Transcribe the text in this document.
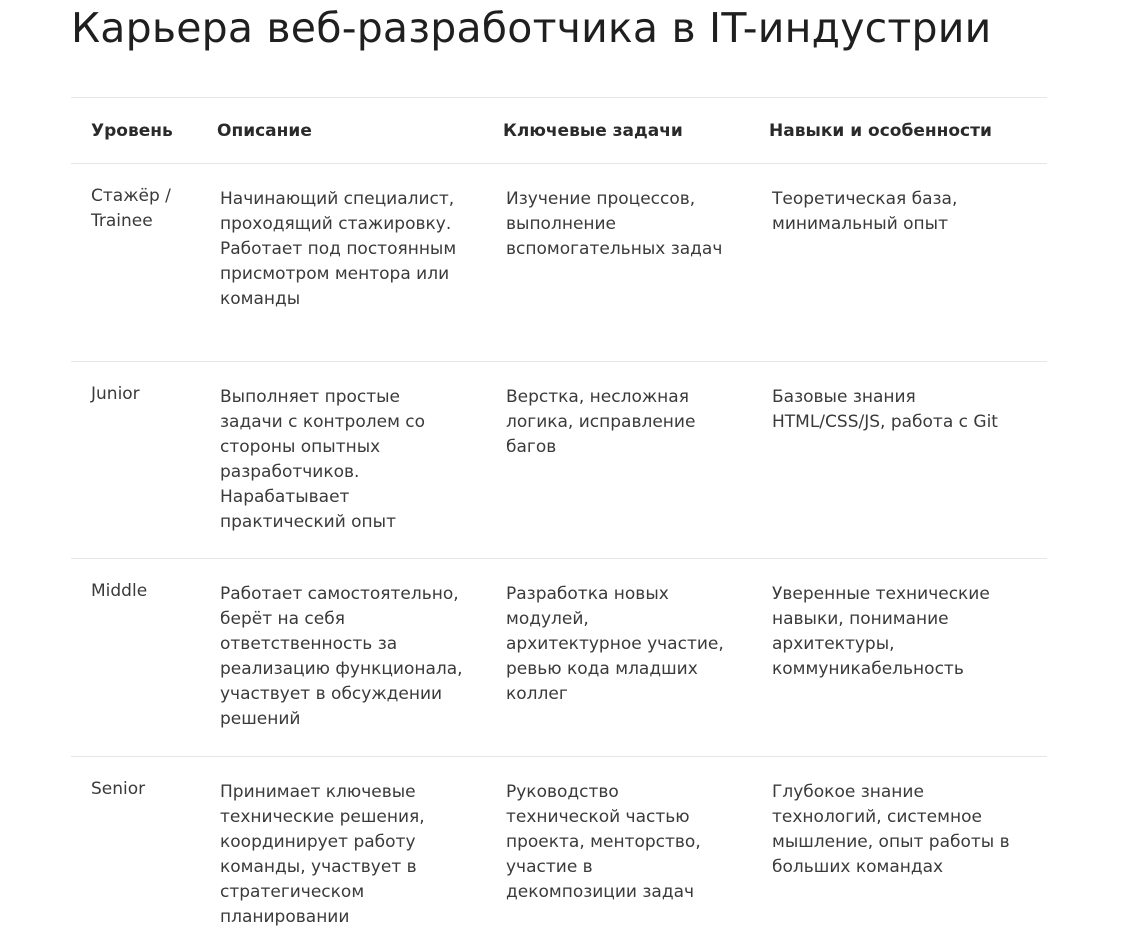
Карьера веб-разработчика в IT-индустрии
Уровень	Описание	Ключевые задачи	Навыки и особенности
Стажёр / Trainee	Начинающий специалист, проходящий стажировку. Работает под постоянным присмотром ментора или команды	Изучение процессов, выполнение вспомогательных задач	Теоретическая база, минимальный опыт
Junior	Выполняет простые задачи с контролем со стороны опытных разработчиков. Нарабатывает практический опыт	Верстка, несложная логика, исправление багов	Базовые знания HTML/CSS/JS, работа с Git
Middle	Работает самостоятельно, берёт на себя ответственность за реализацию функционала, участвует в обсуждении решений	Разработка новых модулей, архитектурное участие, ревью кода младших коллег	Уверенные технические навыки, понимание архитектуры, коммуникабельность
Senior	Принимает ключевые технические решения, координирует работу команды, участвует в стратегическом планировании	Руководство технической частью проекта, менторство, участие в декомпозиции задач	Глубокое знание технологий, системное мышление, опыт работы в больших командах
